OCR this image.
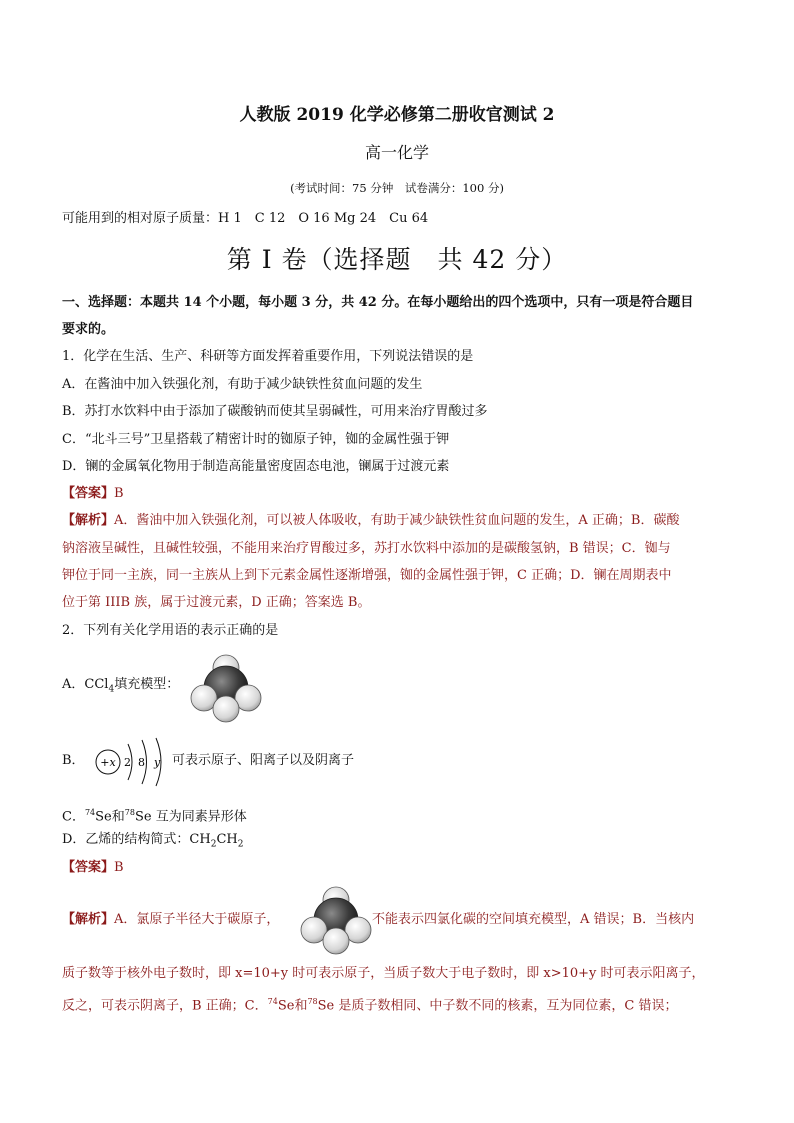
人教版 2019 化学必修第二册收官测试 2
高一化学
(考试时间：75 分钟　试卷满分：100 分)
可能用到的相对原子质量：H 1　C 12　O 16 Mg 24　Cu 64
第 I 卷（选择题　共 42 分）
一、选择题：本题共 14 个小题，每小题 3 分，共 42 分。在每小题给出的四个选项中，只有一项是符合题目
要求的。
1．化学在生活、生产、科研等方面发挥着重要作用，下列说法错误的是
A．在酱油中加入铁强化剂，有助于减少缺铁性贫血问题的发生
B．苏打水饮料中由于添加了碳酸钠而使其呈弱碱性，可用来治疗胃酸过多
C．“北斗三号”卫星搭载了精密计时的铷原子钟，铷的金属性强于钾
D．镧的金属氧化物用于制造高能量密度固态电池，镧属于过渡元素
【答案】B
【解析】A．酱油中加入铁强化剂，可以被人体吸收，有助于减少缺铁性贫血问题的发生，A 正确；B．碳酸
钠溶液呈碱性，且碱性较强，不能用来治疗胃酸过多，苏打水饮料中添加的是碳酸氢钠，B 错误；C．铷与
钾位于同一主族，同一主族从上到下元素金属性逐渐增强，铷的金属性强于钾，C 正确；D．镧在周期表中
位于第 IIIB 族，属于过渡元素，D 正确；答案选 B。
2．下列有关化学用语的表示正确的是
A．CCl$_4$填充模型：
B． +x 2 8 y 可表示原子、阳离子以及阴离子
C．$^{74}$Se和$^{78}$Se 互为同素异形体
D．乙烯的结构简式：$CH_2CH_2$
【答案】B
【解析】A．氯原子半径大于碳原子，	不能表示四氯化碳的空间填充模型，A 错误；B．当核内
质子数等于核外电子数时，即 x=10+y 时可表示原子，当质子数大于电子数时，即 x>10+y 时可表示阳离子，
反之，可表示阴离子，B 正确；C．$^{74}$Se和$^{78}$Se 是质子数相同、中子数不同的核素，互为同位素，C 错误；
